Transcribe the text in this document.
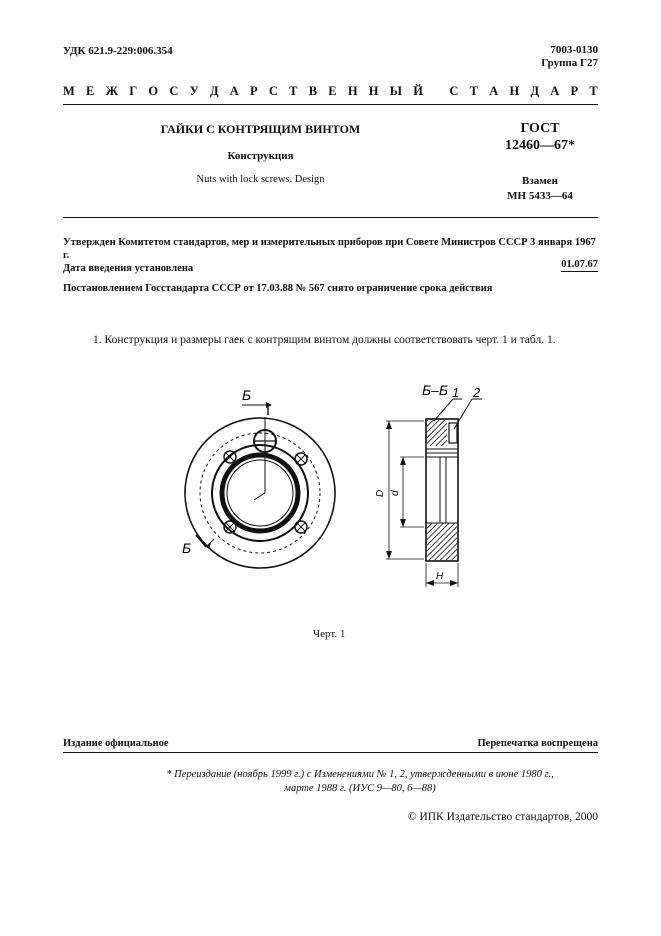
УДК 621.9-229:006.354	7003-0130
Группа Г27
М Е Ж Г О С У Д А Р С Т В Е Н Н Ы Й С Т А Н Д А Р Т
ГАЙКИ С КОНТРЯЩИМ ВИНТОМ
Конструкция
Nuts with lock screws. Design
ГОСТ
12460—67*
Взамен
МН 5433—64
Утвержден Комитетом стандартов, мер и измерительных приборов при Совете Министров СССР 3 января 1967 г.
Дата введения установлена	01.07.67
Постановлением Госстандарта СССР от 17.03.88 № 567 снято ограничение срока действия
1. Конструкция и размеры гаек с контрящим винтом должны соответствовать черт. 1 и табл. 1.
Б
Б
Б–Б 1 2
D d
H
Черт. 1
Издание официальное	Перепечатка воспрещена
* Переиздание (ноябрь 1999 г.) с Изменениями № 1, 2, утвержденными в июне 1980 г.,
марте 1988 г. (ИУС 9—80, 6—88)
© ИПК Издательство стандартов, 2000
